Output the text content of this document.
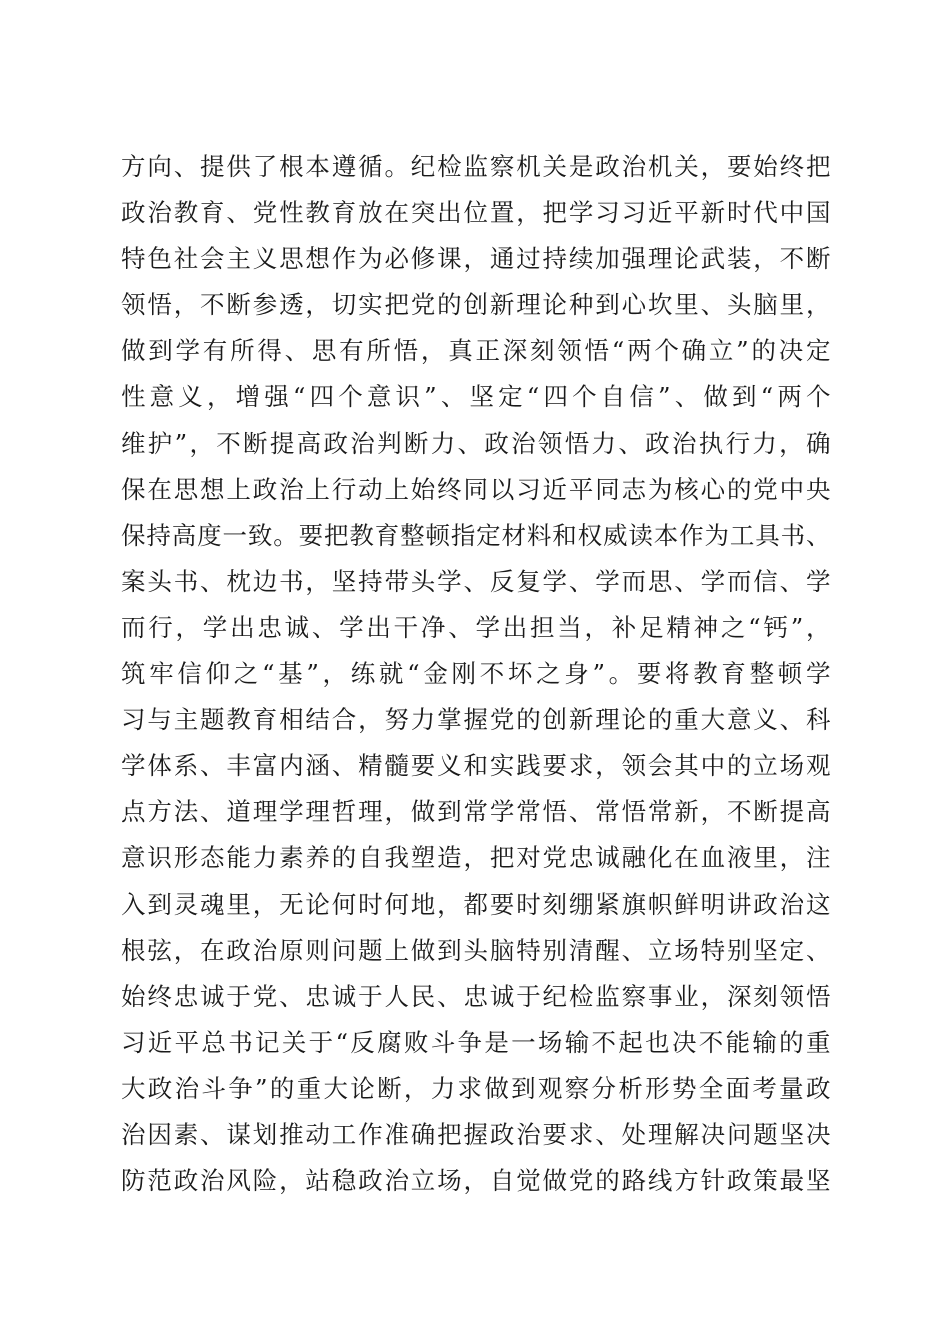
方向、提供了根本遵循。纪检监察机关是政治机关，要始终把
政治教育、党性教育放在突出位置，把学习习近平新时代中国
特色社会主义思想作为必修课，通过持续加强理论武装，不断
领悟，不断参透，切实把党的创新理论种到心坎里、头脑里，
做到学有所得、思有所悟，真正深刻领悟“两个确立”的决定
性意义，增强“四个意识”、坚定“四个自信”、做到“两个
维护”，不断提高政治判断力、政治领悟力、政治执行力，确
保在思想上政治上行动上始终同以习近平同志为核心的党中央
保持高度一致。要把教育整顿指定材料和权威读本作为工具书、
案头书、枕边书，坚持带头学、反复学、学而思、学而信、学
而行，学出忠诚、学出干净、学出担当，补足精神之“钙”，
筑牢信仰之“基”，练就“金刚不坏之身”。要将教育整顿学
习与主题教育相结合，努力掌握党的创新理论的重大意义、科
学体系、丰富内涵、精髓要义和实践要求，领会其中的立场观
点方法、道理学理哲理，做到常学常悟、常悟常新，不断提高
意识形态能力素养的自我塑造，把对党忠诚融化在血液里，注
入到灵魂里，无论何时何地，都要时刻绷紧旗帜鲜明讲政治这
根弦，在政治原则问题上做到头脑特别清醒、立场特别坚定、
始终忠诚于党、忠诚于人民、忠诚于纪检监察事业，深刻领悟
习近平总书记关于“反腐败斗争是一场输不起也决不能输的重
大政治斗争”的重大论断，力求做到观察分析形势全面考量政
治因素、谋划推动工作准确把握政治要求、处理解决问题坚决
防范政治风险，站稳政治立场，自觉做党的路线方针政策最坚
